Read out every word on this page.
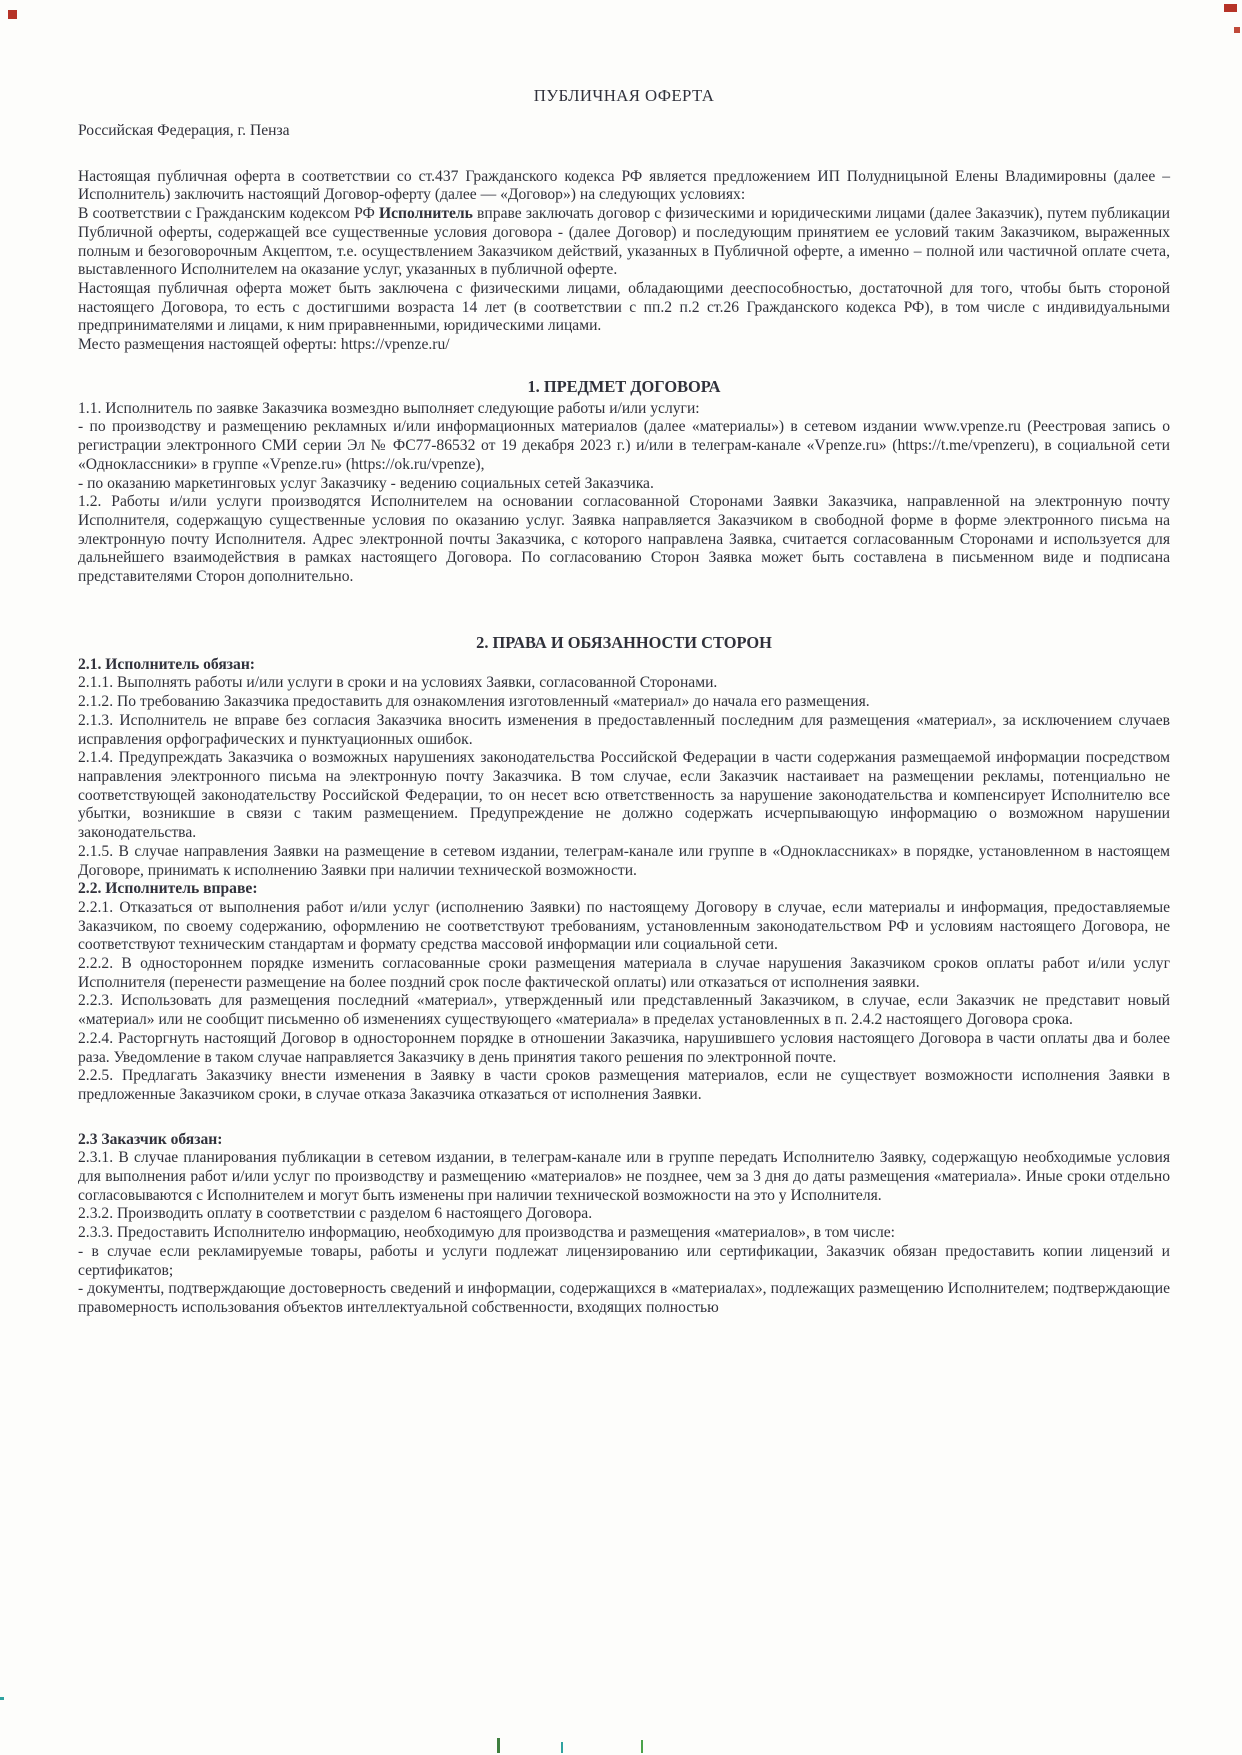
ПУБЛИЧНАЯ ОФЕРТА

Российская Федерация, г. Пенза

Настоящая публичная оферта в соответствии со ст.437 Гражданского кодекса РФ является предложением ИП Полудницыной Елены Владимировны (далее – Исполнитель) заключить настоящий Договор-оферту (далее — «Договор») на следующих условиях:

В соответствии с Гражданским кодексом РФ Исполнитель вправе заключать договор с физическими и юридическими лицами (далее Заказчик), путем публикации Публичной оферты, содержащей все существенные условия договора - (далее Договор) и последующим принятием ее условий таким Заказчиком, выраженных полным и безоговорочным Акцептом, т.е. осуществлением Заказчиком действий, указанных в Публичной оферте, а именно – полной или частичной оплате счета, выставленного Исполнителем на оказание услуг, указанных в публичной оферте.

Настоящая публичная оферта может быть заключена с физическими лицами, обладающими дееспособностью, достаточной для того, чтобы быть стороной настоящего Договора, то есть с достигшими возраста 14 лет (в соответствии с пп.2 п.2 ст.26 Гражданского кодекса РФ), в том числе с индивидуальными предпринимателями и лицами, к ним приравненными, юридическими лицами.

Место размещения настоящей оферты: https://vpenze.ru/

1. ПРЕДМЕТ ДОГОВОРА

1.1. Исполнитель по заявке Заказчика возмездно выполняет следующие работы и/или услуги:

- по производству и размещению рекламных и/или информационных материалов (далее «материалы») в сетевом издании www.vpenze.ru (Реестровая запись о регистрации электронного СМИ серии Эл № ФС77-86532 от 19 декабря 2023 г.) и/или в телеграм-канале «Vpenze.ru» (https://t.me/vpenzeru), в социальной сети «Одноклассники» в группе «Vpenze.ru» (https://ok.ru/vpenze),

- по оказанию маркетинговых услуг Заказчику - ведению социальных сетей Заказчика.

1.2. Работы и/или услуги производятся Исполнителем на основании согласованной Сторонами Заявки Заказчика, направленной на электронную почту Исполнителя, содержащую существенные условия по оказанию услуг. Заявка направляется Заказчиком в свободной форме в форме электронного письма на электронную почту Исполнителя. Адрес электронной почты Заказчика, с которого направлена Заявка, считается согласованным Сторонами и используется для дальнейшего взаимодействия в рамках настоящего Договора. По согласованию Сторон Заявка может быть составлена в письменном виде и подписана представителями Сторон дополнительно.

2. ПРАВА И ОБЯЗАННОСТИ СТОРОН

2.1. Исполнитель обязан:

2.1.1. Выполнять работы и/или услуги в сроки и на условиях Заявки, согласованной Сторонами.

2.1.2. По требованию Заказчика предоставить для ознакомления изготовленный «материал» до начала его размещения.

2.1.3. Исполнитель не вправе без согласия Заказчика вносить изменения в предоставленный последним для размещения «материал», за исключением случаев исправления орфографических и пунктуационных ошибок.

2.1.4. Предупреждать Заказчика о возможных нарушениях законодательства Российской Федерации в части содержания размещаемой информации посредством направления электронного письма на электронную почту Заказчика. В том случае, если Заказчик настаивает на размещении рекламы, потенциально не соответствующей законодательству Российской Федерации, то он несет всю ответственность за нарушение законодательства и компенсирует Исполнителю все убытки, возникшие в связи с таким размещением. Предупреждение не должно содержать исчерпывающую информацию о возможном нарушении законодательства.

2.1.5. В случае направления Заявки на размещение в сетевом издании, телеграм-канале или группе в «Одноклассниках» в порядке, установленном в настоящем Договоре, принимать к исполнению Заявки при наличии технической возможности.

2.2. Исполнитель вправе:

2.2.1. Отказаться от выполнения работ и/или услуг (исполнению Заявки) по настоящему Договору в случае, если материалы и информация, предоставляемые Заказчиком, по своему содержанию, оформлению не соответствуют требованиям, установленным законодательством РФ и условиям настоящего Договора, не соответствуют техническим стандартам и формату средства массовой информации или социальной сети.

2.2.2. В одностороннем порядке изменить согласованные сроки размещения материала в случае нарушения Заказчиком сроков оплаты работ и/или услуг Исполнителя (перенести размещение на более поздний срок после фактической оплаты) или отказаться от исполнения заявки.

2.2.3. Использовать для размещения последний «материал», утвержденный или представленный Заказчиком, в случае, если Заказчик не представит новый «материал» или не сообщит письменно об изменениях существующего «материала» в пределах установленных в п. 2.4.2 настоящего Договора срока.

2.2.4. Расторгнуть настоящий Договор в одностороннем порядке в отношении Заказчика, нарушившего условия настоящего Договора в части оплаты два и более раза. Уведомление в таком случае направляется Заказчику в день принятия такого решения по электронной почте.

2.2.5. Предлагать Заказчику внести изменения в Заявку в части сроков размещения материалов, если не существует возможности исполнения Заявки в предложенные Заказчиком сроки, в случае отказа Заказчика отказаться от исполнения Заявки.

2.3 Заказчик обязан:

2.3.1. В случае планирования публикации в сетевом издании, в телеграм-канале или в группе передать Исполнителю Заявку, содержащую необходимые условия для выполнения работ и/или услуг по производству и размещению «материалов» не позднее, чем за 3 дня до даты размещения «материала». Иные сроки отдельно согласовываются с Исполнителем и могут быть изменены при наличии технической возможности на это у Исполнителя.

2.3.2. Производить оплату в соответствии с разделом 6 настоящего Договора.

2.3.3. Предоставить Исполнителю информацию, необходимую для производства и размещения «материалов», в том числе:

- в случае если рекламируемые товары, работы и услуги подлежат лицензированию или сертификации, Заказчик обязан предоставить копии лицензий и сертификатов;

- документы, подтверждающие достоверность сведений и информации, содержащихся в «материалах», подлежащих размещению Исполнителем; подтверждающие правомерность использования объектов интеллектуальной собственности, входящих полностью
